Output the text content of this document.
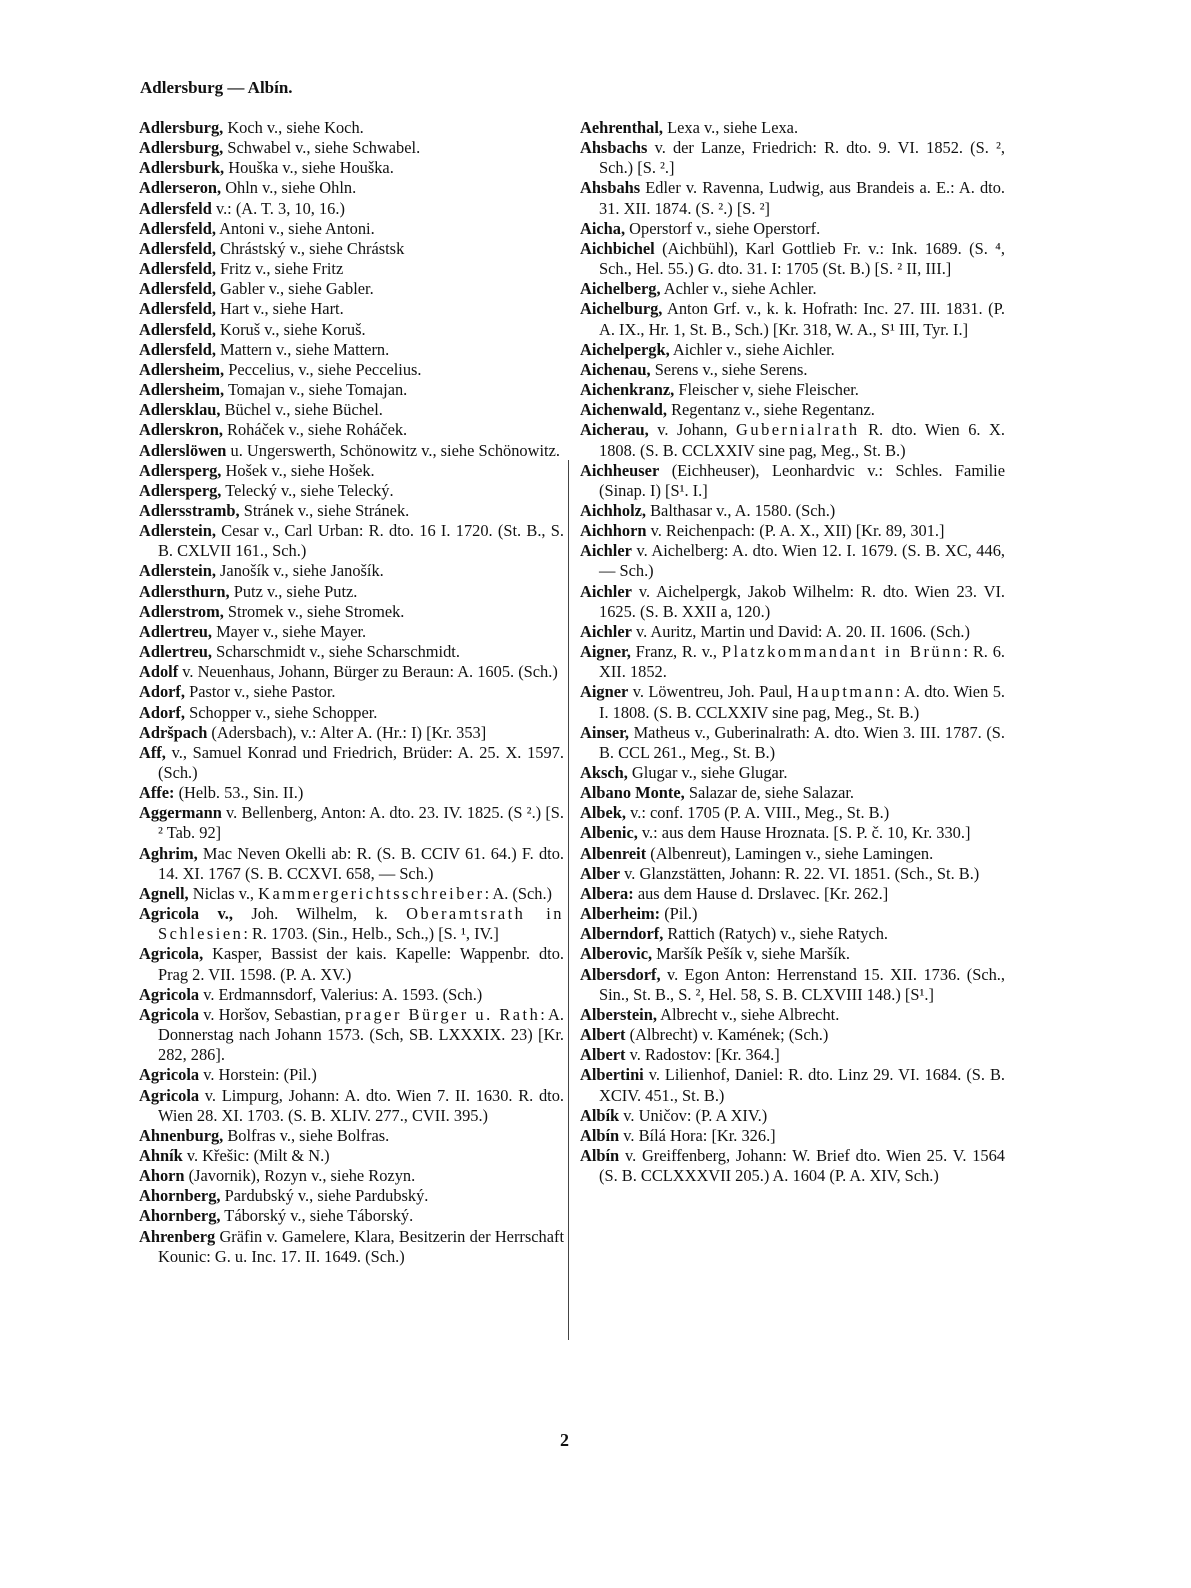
Adlersburg — Albín.
Adlersburg, Koch v., siehe Koch.
Adlersburg, Schwabel v., siehe Schwabel.
Adlersburk, Houška v., siehe Houška.
Adlerseron, Ohln v., siehe Ohln.
Adlersfeld v.: (A. T. 3, 10, 16.)
Adlersfeld, Antoni v., siehe Antoni.
Adlersfeld, Chrástský v., siehe Chrástsk
Adlersfeld, Fritz v., siehe Fritz
Adlersfeld, Gabler v., siehe Gabler.
Adlersfeld, Hart v., siehe Hart.
Adlersfeld, Koruš v., siehe Koruš.
Adlersfeld, Mattern v., siehe Mattern.
Adlersheim, Peccelius, v., siehe Peccelius.
Adlersheim, Tomajan v., siehe Tomajan.
Adlersklau, Büchel v., siehe Büchel.
Adlerskron, Roháček v., siehe Roháček.
Adlerslöwen u. Ungerswerth, Schönowitz v., siehe Schönowitz.
Adlersperg, Hošek v., siehe Hošek.
Adlersperg, Telecký v., siehe Telecký.
Adlersstramb, Stránek v., siehe Stránek.
Adlerstein, Cesar v., Carl Urban: R. dto. 16 I. 1720. (St. B., S. B. CXLVII 161., Sch.)
Adlerstein, Janošík v., siehe Janošík.
Adlersthurn, Putz v., siehe Putz.
Adlerstrom, Stromek v., siehe Stromek.
Adlertreu, Mayer v., siehe Mayer.
Adlertreu, Scharschmidt v., siehe Scharschmidt.
Adolf v. Neuenhaus, Johann, Bürger zu Beraun: A. 1605. (Sch.)
Adorf, Pastor v., siehe Pastor.
Adorf, Schopper v., siehe Schopper.
Adršpach (Adersbach), v.: Alter A. (Hr.: I) [Kr. 353]
Aff, v., Samuel Konrad und Friedrich, Brüder: A. 25. X. 1597. (Sch.)
Affe: (Helb. 53., Sin. II.)
Aggermann v. Bellenberg, Anton: A. dto. 23. IV. 1825. (S ².) [S. ² Tab. 92]
Aghrim, Mac Neven Okelli ab: R. (S. B. CCIV 61. 64.) F. dto. 14. XI. 1767 (S. B. CCXVI. 658, — Sch.)
Agnell, Niclas v., Kammergerichtsschreiber: A. (Sch.)
Agricola v., Joh. Wilhelm, k. Oberamtsrath in Schlesien: R. 1703. (Sin., Helb., Sch.,) [S. ¹, IV.]
Agricola, Kasper, Bassist der kais. Kapelle: Wappenbr. dto. Prag 2. VII. 1598. (P. A. XV.)
Agricola v. Erdmannsdorf, Valerius: A. 1593. (Sch.)
Agricola v. Horšov, Sebastian, prager Bürger u. Rath: A. Donnerstag nach Johann 1573. (Sch, SB. LXXXIX. 23) [Kr. 282, 286].
Agricola v. Horstein: (Pil.)
Agricola v. Limpurg, Johann: A. dto. Wien 7. II. 1630. R. dto. Wien 28. XI. 1703. (S. B. XLIV. 277., CVII. 395.)
Ahnenburg, Bolfras v., siehe Bolfras.
Ahník v. Křešic: (Milt & N.)
Ahorn (Javornik), Rozyn v., siehe Rozyn.
Ahornberg, Pardubský v., siehe Pardubský.
Ahornberg, Táborský v., siehe Táborský.
Ahrenberg Gräfin v. Gamelere, Klara, Besitzerin der Herrschaft Kounic: G. u. Inc. 17. II. 1649. (Sch.)
Aehrenthal, Lexa v., siehe Lexa.
Ahsbachs v. der Lanze, Friedrich: R. dto. 9. VI. 1852. (S. ², Sch.) [S. ².]
Ahsbahs Edler v. Ravenna, Ludwig, aus Brandeis a. E.: A. dto. 31. XII. 1874. (S. ².) [S. ²]
Aicha, Operstorf v., siehe Operstorf.
Aichbichel (Aichbühl), Karl Gottlieb Fr. v.: Ink. 1689. (S. ⁴, Sch., Hel. 55.) G. dto. 31. I: 1705 (St. B.) [S. ² II, III.]
Aichelberg, Achler v., siehe Achler.
Aichelburg, Anton Grf. v., k. k. Hofrath: Inc. 27. III. 1831. (P. A. IX., Hr. 1, St. B., Sch.) [Kr. 318, W. A., S¹ III, Tyr. I.]
Aichelpergk, Aichler v., siehe Aichler.
Aichenau, Serens v., siehe Serens.
Aichenkranz, Fleischer v, siehe Fleischer.
Aichenwald, Regentanz v., siehe Regentanz.
Aicherau, v. Johann, Gubernialrath R. dto. Wien 6. X. 1808. (S. B. CCLXXIV sine pag, Meg., St. B.)
Aichheuser (Eichheuser), Leonhardvic v.: Schles. Familie (Sinap. I) [S¹. I.]
Aichholz, Balthasar v., A. 1580. (Sch.)
Aichhorn v. Reichenpach: (P. A. X., XII) [Kr. 89, 301.]
Aichler v. Aichelberg: A. dto. Wien 12. I. 1679. (S. B. XC, 446, — Sch.)
Aichler v. Aichelpergk, Jakob Wilhelm: R. dto. Wien 23. VI. 1625. (S. B. XXII a, 120.)
Aichler v. Auritz, Martin und David: A. 20. II. 1606. (Sch.)
Aigner, Franz, R. v., Platzkommandant in Brünn: R. 6. XII. 1852.
Aigner v. Löwentreu, Joh. Paul, Hauptmann: A. dto. Wien 5. I. 1808. (S. B. CCLXXIV sine pag, Meg., St. B.)
Ainser, Matheus v., Guberinalrath: A. dto. Wien 3. III. 1787. (S. B. CCL 261., Meg., St. B.)
Aksch, Glugar v., siehe Glugar.
Albano Monte, Salazar de, siehe Salazar.
Albek, v.: conf. 1705 (P. A. VIII., Meg., St. B.)
Albenic, v.: aus dem Hause Hroznata. [S. P. č. 10, Kr. 330.]
Albenreit (Albenreut), Lamingen v., siehe Lamingen.
Alber v. Glanzstätten, Johann: R. 22. VI. 1851. (Sch., St. B.)
Albera: aus dem Hause d. Drslavec. [Kr. 262.]
Alberheim: (Pil.)
Alberndorf, Rattich (Ratych) v., siehe Ratych.
Alberovic, Maršík Pešík v, siehe Maršík.
Albersdorf, v. Egon Anton: Herrenstand 15. XII. 1736. (Sch., Sin., St. B., S. ², Hel. 58, S. B. CLXVIII 148.) [S¹.]
Alberstein, Albrecht v., siehe Albrecht.
Albert (Albrecht) v. Kamének; (Sch.)
Albert v. Radostov: [Kr. 364.]
Albertini v. Lilienhof, Daniel: R. dto. Linz 29. VI. 1684. (S. B. XCIV. 451., St. B.)
Albík v. Uničov: (P. A XIV.)
Albín v. Bílá Hora: [Kr. 326.]
Albín v. Greiffenberg, Johann: W. Brief dto. Wien 25. V. 1564 (S. B. CCLXXXVII 205.) A. 1604 (P. A. XIV, Sch.)
2
